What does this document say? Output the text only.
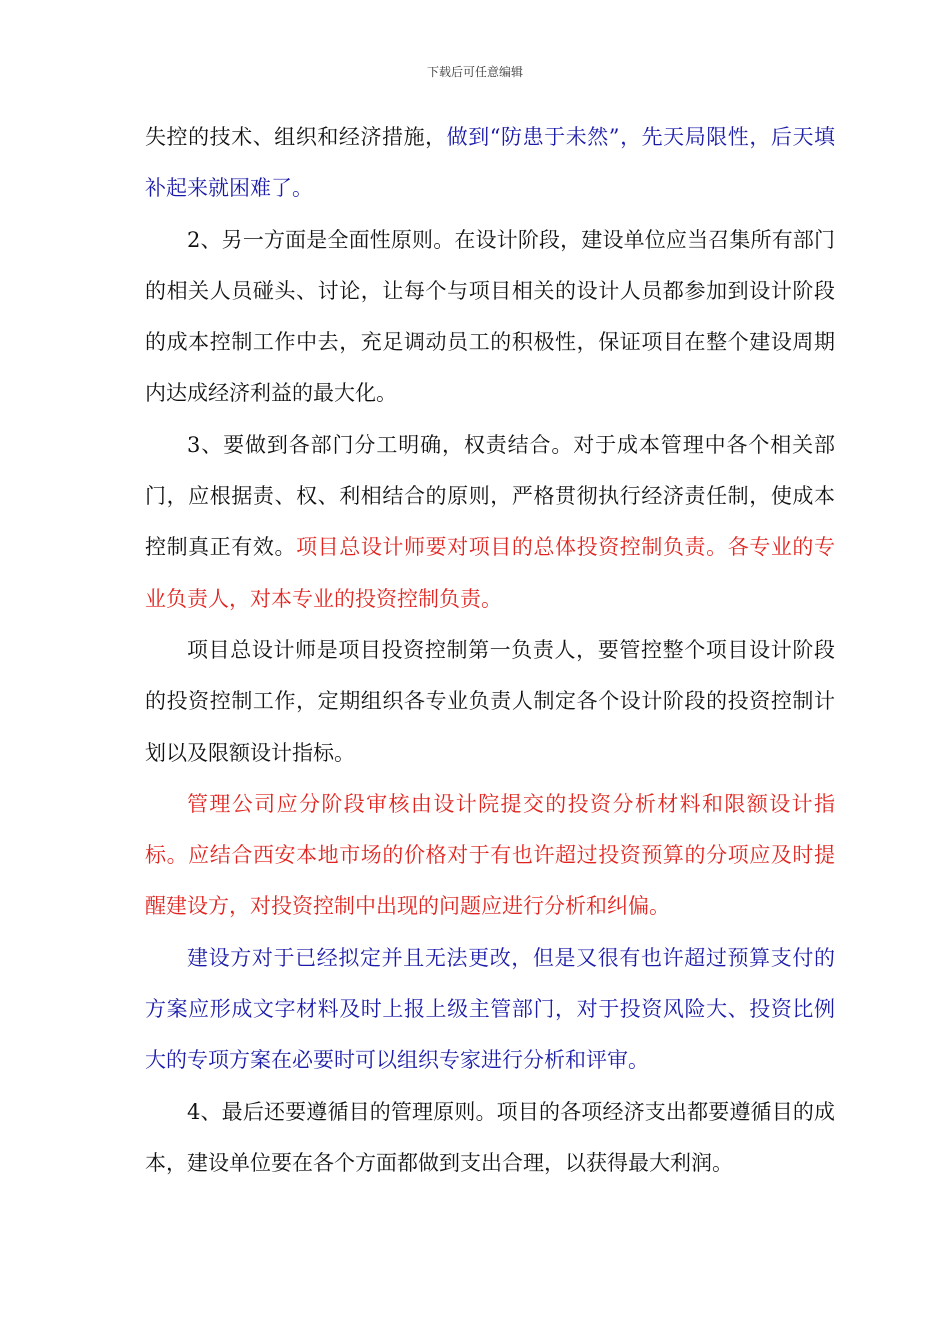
下载后可任意编辑

失控的技术、组织和经济措施，做到“防患于未然”，先天局限性，后天填补起来就困难了。

2、另一方面是全面性原则。在设计阶段，建设单位应当召集所有部门的相关人员碰头、讨论，让每个与项目相关的设计人员都参加到设计阶段的成本控制工作中去，充足调动员工的积极性，保证项目在整个建设周期内达成经济利益的最大化。

3、要做到各部门分工明确，权责结合。对于成本管理中各个相关部门，应根据责、权、利相结合的原则，严格贯彻执行经济责任制，使成本控制真正有效。项目总设计师要对项目的总体投资控制负责。各专业的专业负责人，对本专业的投资控制负责。

项目总设计师是项目投资控制第一负责人，要管控整个项目设计阶段的投资控制工作，定期组织各专业负责人制定各个设计阶段的投资控制计划以及限额设计指标。

管理公司应分阶段审核由设计院提交的投资分析材料和限额设计指标。应结合西安本地市场的价格对于有也许超过投资预算的分项应及时提醒建设方，对投资控制中出现的问题应进行分析和纠偏。

建设方对于已经拟定并且无法更改，但是又很有也许超过预算支付的方案应形成文字材料及时上报上级主管部门，对于投资风险大、投资比例大的专项方案在必要时可以组织专家进行分析和评审。

4、最后还要遵循目的管理原则。项目的各项经济支出都要遵循目的成本，建设单位要在各个方面都做到支出合理，以获得最大利润。
